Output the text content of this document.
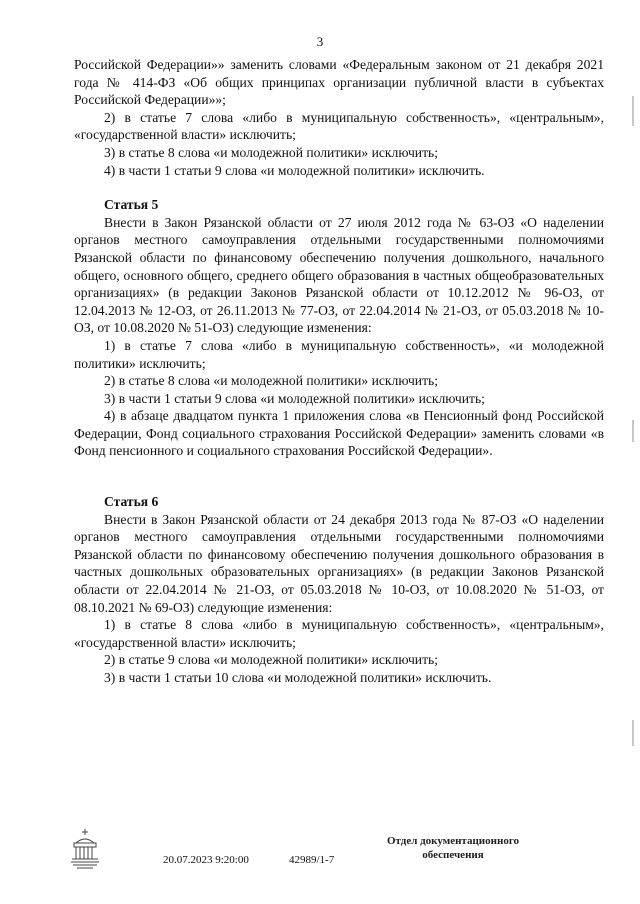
3

Российской Федерации»» заменить словами «Федеральным законом от 21 декабря 2021 года № 414-ФЗ «Об общих принципах организации публичной власти в субъектах Российской Федерации»»;

2) в статье 7 слова «либо в муниципальную собственность», «центральным», «государственной власти» исключить;

3) в статье 8 слова «и молодежной политики» исключить;

4) в части 1 статьи 9 слова «и молодежной политики» исключить.

Статья 5

Внести в Закон Рязанской области от 27 июля 2012 года № 63-ОЗ «О наделении органов местного самоуправления отдельными государственными полномочиями Рязанской области по финансовому обеспечению получения дошкольного, начального общего, основного общего, среднего общего образования в частных общеобразовательных организациях» (в редакции Законов Рязанской области от 10.12.2012 № 96-ОЗ, от 12.04.2013 № 12-ОЗ, от 26.11.2013 № 77-ОЗ, от 22.04.2014 № 21-ОЗ, от 05.03.2018 № 10-ОЗ, от 10.08.2020 № 51-ОЗ) следующие изменения:

1) в статье 7 слова «либо в муниципальную собственность», «и молодежной политики» исключить;

2) в статье 8 слова «и молодежной политики» исключить;

3) в части 1 статьи 9 слова «и молодежной политики» исключить;

4) в абзаце двадцатом пункта 1 приложения слова «в Пенсионный фонд Российской Федерации, Фонд социального страхования Российской Федерации» заменить словами «в Фонд пенсионного и социального страхования Российской Федерации».

Статья 6

Внести в Закон Рязанской области от 24 декабря 2013 года № 87-ОЗ «О наделении органов местного самоуправления отдельными государственными полномочиями Рязанской области по финансовому обеспечению получения дошкольного образования в частных дошкольных образовательных организациях» (в редакции Законов Рязанской области от 22.04.2014 № 21-ОЗ, от 05.03.2018 № 10-ОЗ, от 10.08.2020 № 51-ОЗ, от 08.10.2021 № 69-ОЗ) следующие изменения:

1) в статье 8 слова «либо в муниципальную собственность», «центральным», «государственной власти» исключить;

2) в статье 9 слова «и молодежной политики» исключить;

3) в части 1 статьи 10 слова «и молодежной политики» исключить.

20.07.2023 9:20:00	42989/1-7
Отдел документационного
обеспечения
